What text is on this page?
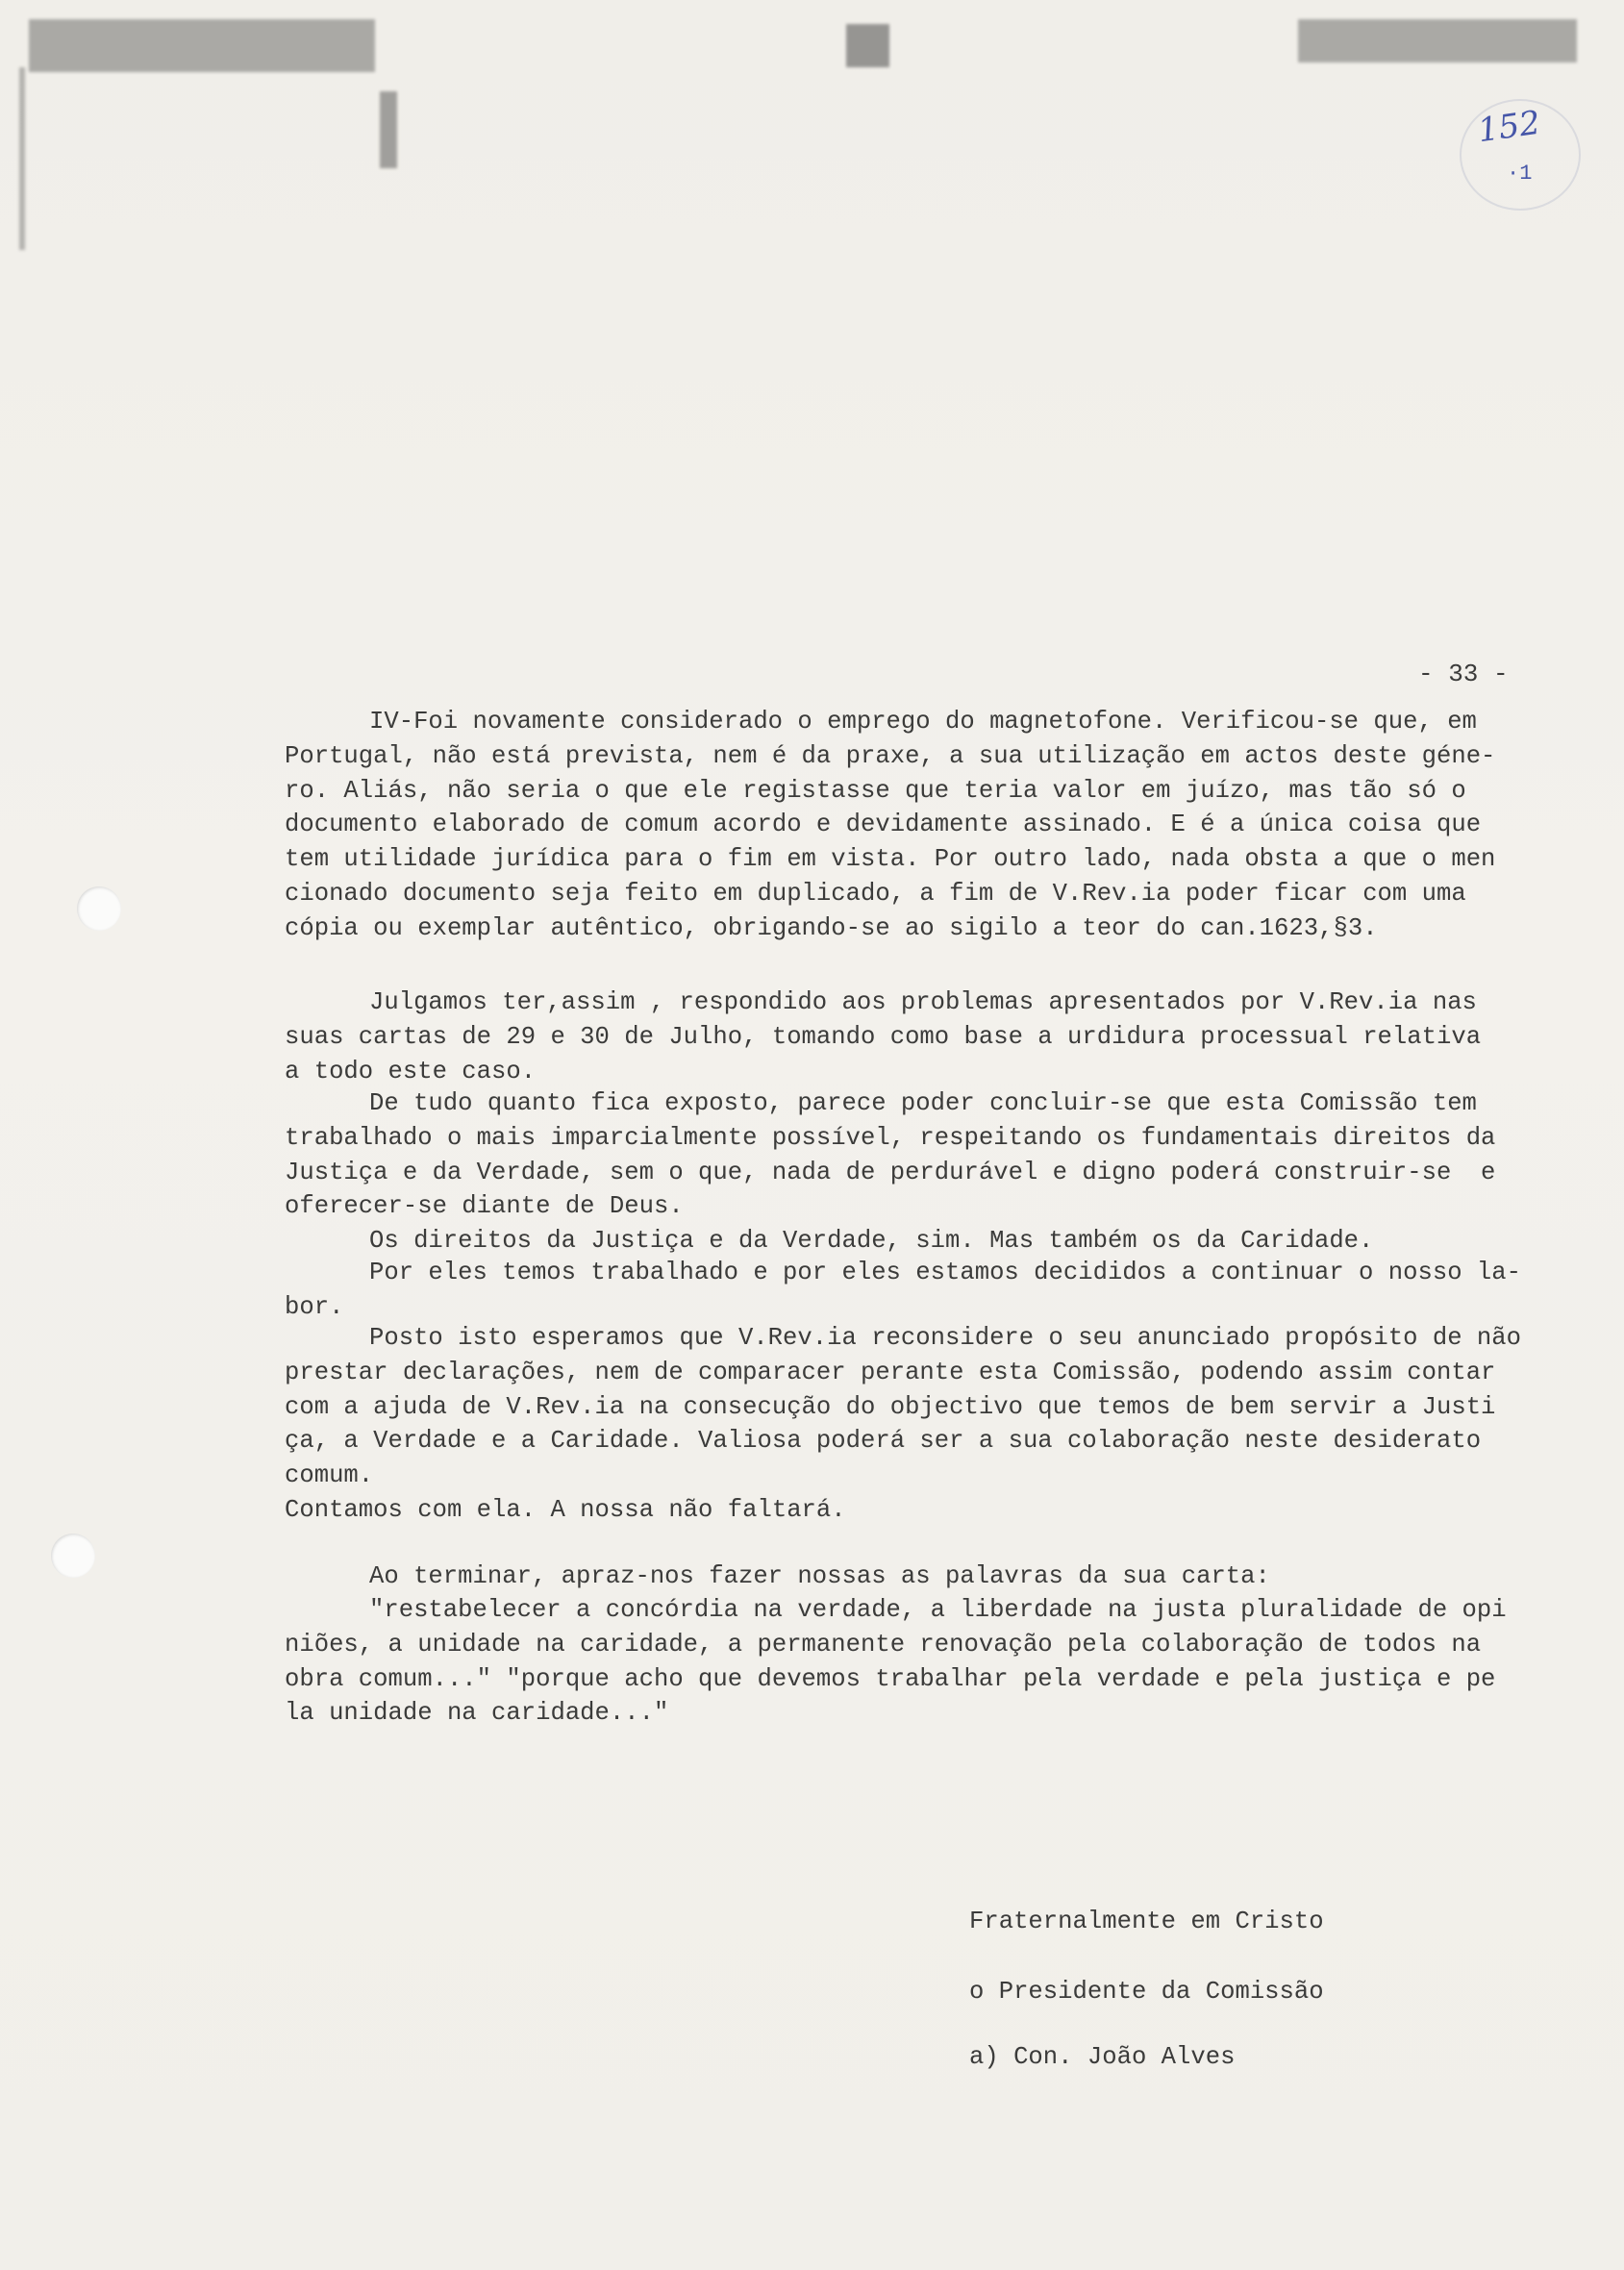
152
·1
- 33 -
IV-Foi novamente considerado o emprego do magnetofone. Verificou-se que, em
Portugal, não está prevista, nem é da praxe, a sua utilização em actos deste géne-
ro. Aliás, não seria o que ele registasse que teria valor em juízo, mas tão só o
documento elaborado de comum acordo e devidamente assinado. E é a única coisa que
tem utilidade jurídica para o fim em vista. Por outro lado, nada obsta a que o men
cionado documento seja feito em duplicado, a fim de V.Rev.ia poder ficar com uma
cópia ou exemplar autêntico, obrigando-se ao sigilo a teor do can.1623,§3.
Julgamos ter,assim , respondido aos problemas apresentados por V.Rev.ia nas
suas cartas de 29 e 30 de Julho, tomando como base a urdidura processual relativa
a todo este caso.
De tudo quanto fica exposto, parece poder concluir-se que esta Comissão tem
trabalhado o mais imparcialmente possível, respeitando os fundamentais direitos da
Justiça e da Verdade, sem o que, nada de perdurável e digno poderá construir-se  e
oferecer-se diante de Deus.
Os direitos da Justiça e da Verdade, sim. Mas também os da Caridade.
Por eles temos trabalhado e por eles estamos decididos a continuar o nosso la-
bor.
Posto isto esperamos que V.Rev.ia reconsidere o seu anunciado propósito de não
prestar declarações, nem de comparacer perante esta Comissão, podendo assim contar
com a ajuda de V.Rev.ia na consecução do objectivo que temos de bem servir a Justi
ça, a Verdade e a Caridade. Valiosa poderá ser a sua colaboração neste desiderato
comum.
Contamos com ela. A nossa não faltará.
Ao terminar, apraz-nos fazer nossas as palavras da sua carta:
"restabelecer a concórdia na verdade, a liberdade na justa pluralidade de opi
niões, a unidade na caridade, a permanente renovação pela colaboração de todos na
obra comum..." "porque acho que devemos trabalhar pela verdade e pela justiça e pe
la unidade na caridade..."
Fraternalmente em Cristo
o Presidente da Comissão
a) Con. João Alves
